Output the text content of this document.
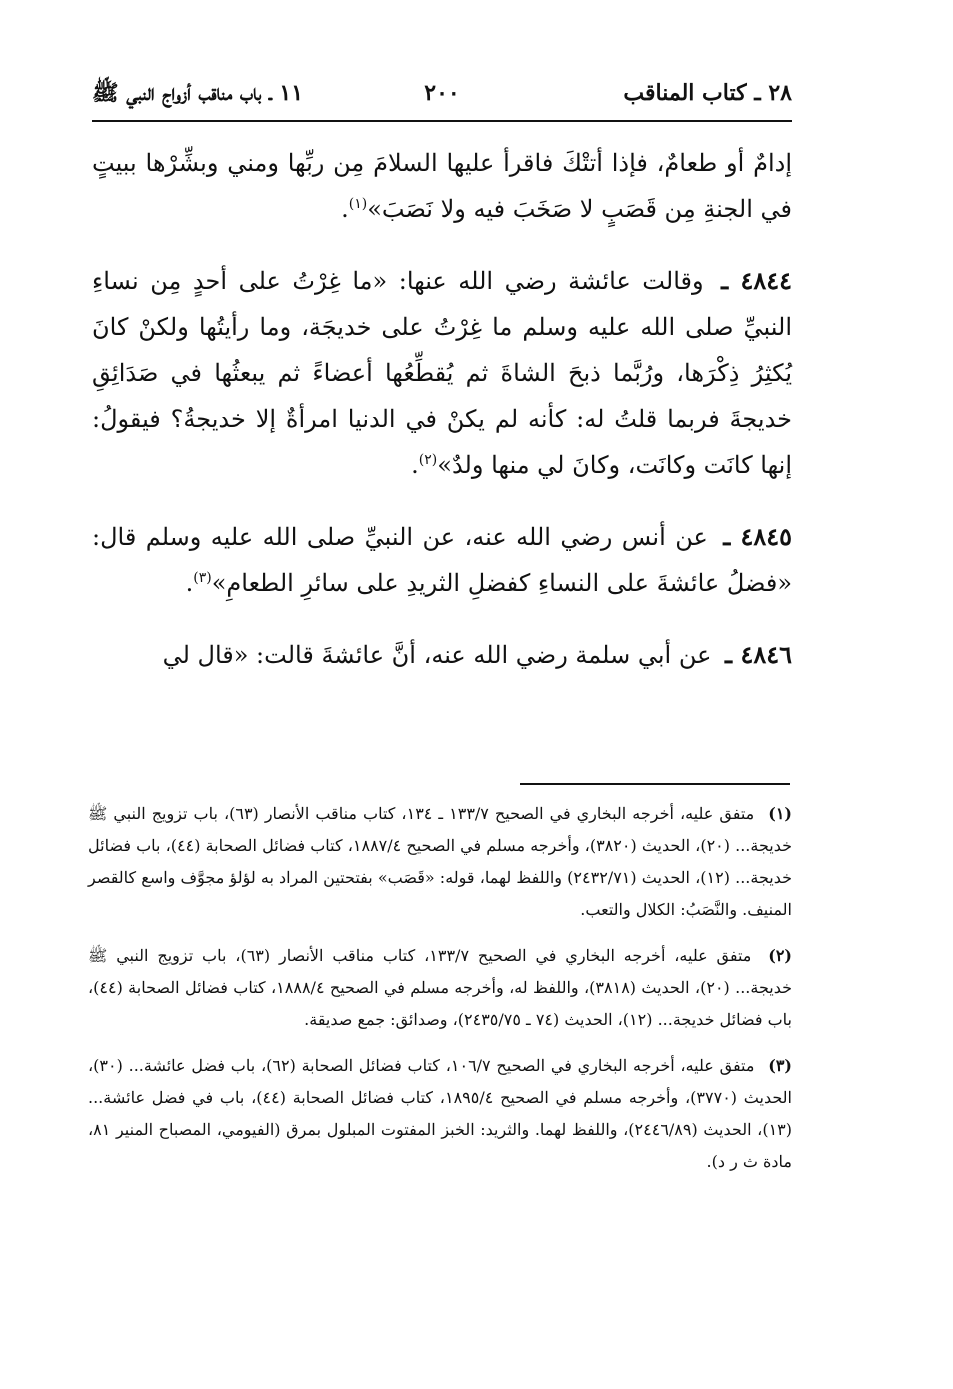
٢٨ ـ كتاب المناقب
٢٠٠
١١ ـ باب مناقب أزواج النبي ﷺ

إدامٌ أو طعامٌ، فإذا أتتْكَ فاقرأ عليها السلامَ مِن ربِّها ومني وبشِّرْها ببيتٍ في الجنةِ مِن قَصَبٍ لا صَخَبَ فيه ولا نَصَبَ»$^{(١)}$.

٤٨٤٤ ـ وقالت عائشة رضي الله عنها: «ما غِرْتُ على أحدٍ مِن نساءِ النبيِّ صلى الله عليه وسلم ما غِرْتُ على خديجَة، وما رأيتُها ولكنْ كانَ يُكثِرُ ذِكْرَها، ورُبَّما ذبحَ الشاةَ ثم يُقطِّعُها أعضاءً ثم يبعثُها في صَدَائِقِ خديجةَ فربما قلتُ له: كأنه لم يكنْ في الدنيا امرأةٌ إلا خديجةُ؟ فيقولُ: إنها كانَت وكانَت، وكانَ لي منها ولدٌ»$^{(٢)}$.

٤٨٤٥ ـ عن أنس رضي الله عنه، عن النبيِّ صلى الله عليه وسلم قال: «فضلُ عائشةَ على النساءِ كفضلِ الثريدِ على سائرِ الطعامِ»$^{(٣)}$.

٤٨٤٦ ـ عن أبي سلمة رضي الله عنه، أنَّ عائشةَ قالت: «قال لي

(١) متفق عليه، أخرجه البخاري في الصحيح ١٣٣/٧ ـ ١٣٤، كتاب مناقب الأنصار (٦٣)، باب تزويج النبي ﷺ خديجة... (٢٠)، الحديث (٣٨٢٠)، وأخرجه مسلم في الصحيح ١٨٨٧/٤، كتاب فضائل الصحابة (٤٤)، باب فضائل خديجة... (١٢)، الحديث (٢٤٣٢/٧١) واللفظ لهما، قوله: «قَصَب» بفتحتين المراد به لؤلؤ مجوَّف واسع كالقصر المنيف. والنَّصَبُ: الكلال والتعب.

(٢) متفق عليه، أخرجه البخاري في الصحيح ١٣٣/٧، كتاب مناقب الأنصار (٦٣)، باب تزويج النبي ﷺ خديجة... (٢٠)، الحديث (٣٨١٨)، واللفظ له، وأخرجه مسلم في الصحيح ١٨٨٨/٤، كتاب فضائل الصحابة (٤٤)، باب فضائل خديجة... (١٢)، الحديث (٧٤ ـ ٢٤٣٥/٧٥)، وصدائق: جمع صديقة.

(٣) متفق عليه، أخرجه البخاري في الصحيح ١٠٦/٧، كتاب فضائل الصحابة (٦٢)، باب فضل عائشة... (٣٠)، الحديث (٣٧٧٠)، وأخرجه مسلم في الصحيح ١٨٩٥/٤، كتاب فضائل الصحابة (٤٤)، باب في فضل عائشة... (١٣)، الحديث (٢٤٤٦/٨٩)، واللفظ لهما. والثريد: الخبز المفتوت المبلول بمرق (الفيومي، المصباح المنير ٨١، مادة ث ر د).
